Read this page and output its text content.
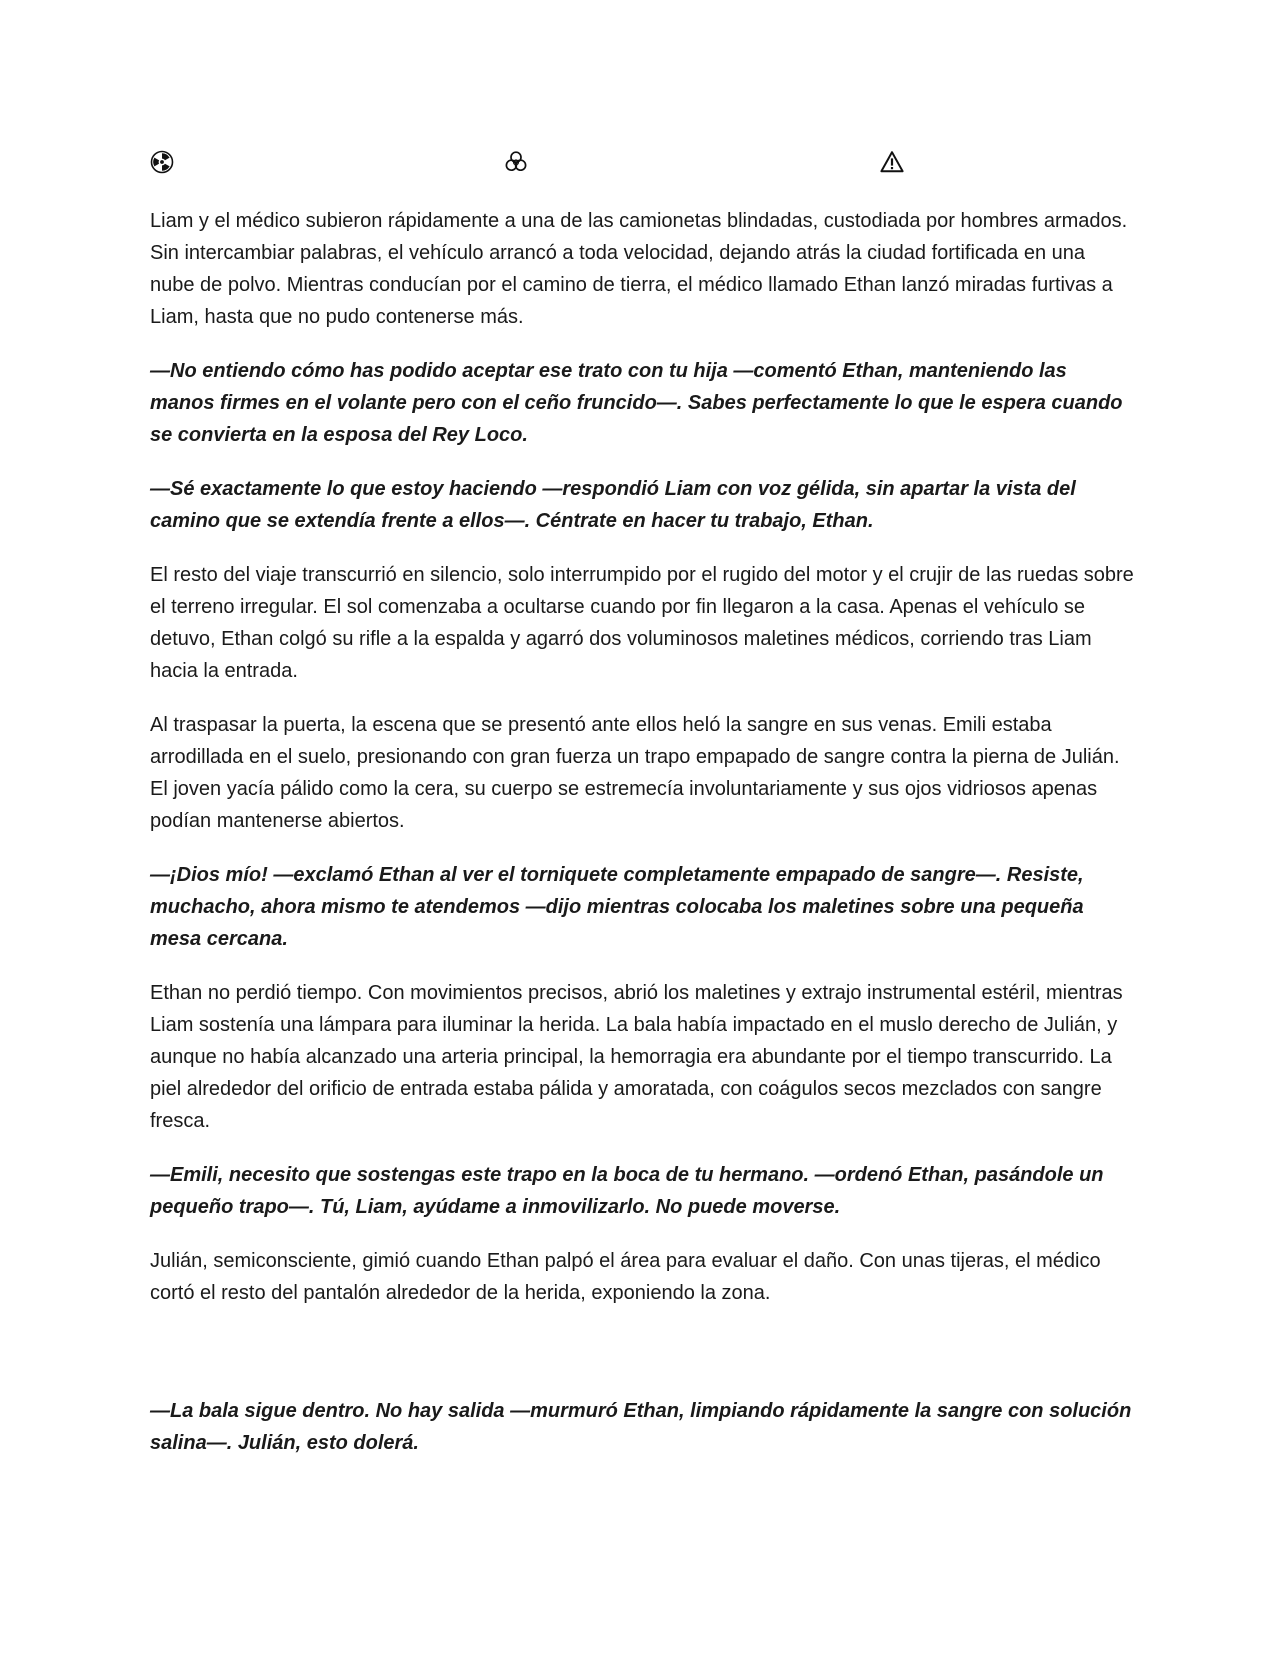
Liam y el médico subieron rápidamente a una de las camionetas blindadas, custodiada por hombres armados. Sin intercambiar palabras, el vehículo arrancó a toda velocidad, dejando atrás la ciudad fortificada en una nube de polvo. Mientras conducían por el camino de tierra, el médico llamado Ethan lanzó miradas furtivas a Liam, hasta que no pudo contenerse más.

—No entiendo cómo has podido aceptar ese trato con tu hija —comentó Ethan, manteniendo las manos firmes en el volante pero con el ceño fruncido—. Sabes perfectamente lo que le espera cuando se convierta en la esposa del Rey Loco.

—Sé exactamente lo que estoy haciendo —respondió Liam con voz gélida, sin apartar la vista del camino que se extendía frente a ellos—. Céntrate en hacer tu trabajo, Ethan.

El resto del viaje transcurrió en silencio, solo interrumpido por el rugido del motor y el crujir de las ruedas sobre el terreno irregular. El sol comenzaba a ocultarse cuando por fin llegaron a la casa. Apenas el vehículo se detuvo, Ethan colgó su rifle a la espalda y agarró dos voluminosos maletines médicos, corriendo tras Liam hacia la entrada.

Al traspasar la puerta, la escena que se presentó ante ellos heló la sangre en sus venas. Emili estaba arrodillada en el suelo, presionando con gran fuerza un trapo empapado de sangre contra la pierna de Julián. El joven yacía pálido como la cera, su cuerpo se estremecía involuntariamente y sus ojos vidriosos apenas podían mantenerse abiertos.

—¡Dios mío! —exclamó Ethan al ver el torniquete completamente empapado de sangre—. Resiste, muchacho, ahora mismo te atendemos —dijo mientras colocaba los maletines sobre una pequeña mesa cercana.

Ethan no perdió tiempo. Con movimientos precisos, abrió los maletines y extrajo instrumental estéril, mientras Liam sostenía una lámpara para iluminar la herida. La bala había impactado en el muslo derecho de Julián, y aunque no había alcanzado una arteria principal, la hemorragia era abundante por el tiempo transcurrido. La piel alrededor del orificio de entrada estaba pálida y amoratada, con coágulos secos mezclados con sangre fresca.

—Emili, necesito que sostengas este trapo en la boca de tu hermano. —ordenó Ethan, pasándole un pequeño trapo—. Tú, Liam, ayúdame a inmovilizarlo. No puede moverse.

Julián, semiconsciente, gimió cuando Ethan palpó el área para evaluar el daño. Con unas tijeras, el médico cortó el resto del pantalón alrededor de la herida, exponiendo la zona.

—La bala sigue dentro. No hay salida —murmuró Ethan, limpiando rápidamente la sangre con solución salina—. Julián, esto dolerá.
